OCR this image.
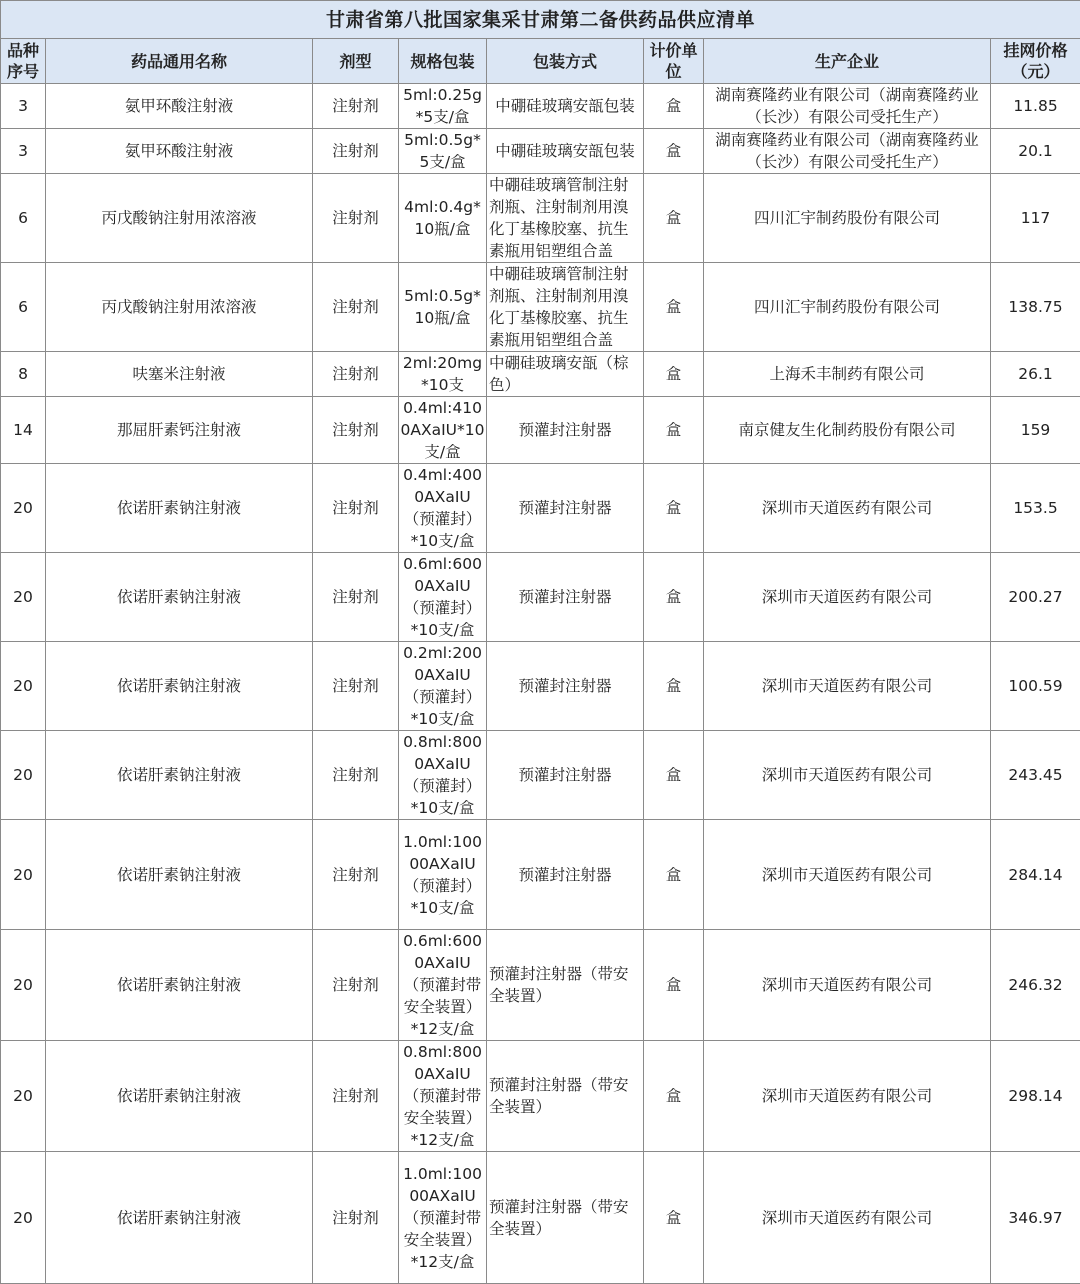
甘肃省第八批国家集采甘肃第二备供药品供应清单							
品种序号	药品通用名称	剂型	规格包装	包装方式	计价单位	生产企业	挂网价格（元）
3	氨甲环酸注射液	注射剂	5ml:0.25g*5支/盒	中硼硅玻璃安瓿包装	盒	湖南赛隆药业有限公司（湖南赛隆药业（长沙）有限公司受托生产）	11.85
3	氨甲环酸注射液	注射剂	5ml:0.5g*5支/盒	中硼硅玻璃安瓿包装	盒	湖南赛隆药业有限公司（湖南赛隆药业（长沙）有限公司受托生产）	20.1
6	丙戊酸钠注射用浓溶液	注射剂	4ml:0.4g*10瓶/盒	中硼硅玻璃管制注射剂瓶、注射制剂用溴化丁基橡胶塞、抗生素瓶用铝塑组合盖	盒	四川汇宇制药股份有限公司	117
6	丙戊酸钠注射用浓溶液	注射剂	5ml:0.5g*10瓶/盒	中硼硅玻璃管制注射剂瓶、注射制剂用溴化丁基橡胶塞、抗生素瓶用铝塑组合盖	盒	四川汇宇制药股份有限公司	138.75
8	呋塞米注射液	注射剂	2ml:20mg*10支	中硼硅玻璃安瓿（棕色）	盒	上海禾丰制药有限公司	26.1
14	那屈肝素钙注射液	注射剂	0.4ml:4100AXaIU*10支/盒	预灌封注射器	盒	南京健友生化制药股份有限公司	159
20	依诺肝素钠注射液	注射剂	0.4ml:4000AXaIU（预灌封）*10支/盒	预灌封注射器	盒	深圳市天道医药有限公司	153.5
20	依诺肝素钠注射液	注射剂	0.6ml:6000AXaIU（预灌封）*10支/盒	预灌封注射器	盒	深圳市天道医药有限公司	200.27
20	依诺肝素钠注射液	注射剂	0.2ml:2000AXaIU（预灌封）*10支/盒	预灌封注射器	盒	深圳市天道医药有限公司	100.59
20	依诺肝素钠注射液	注射剂	0.8ml:8000AXaIU（预灌封）*10支/盒	预灌封注射器	盒	深圳市天道医药有限公司	243.45
20	依诺肝素钠注射液	注射剂	1.0ml:10000AXaIU（预灌封）*10支/盒	预灌封注射器	盒	深圳市天道医药有限公司	284.14
20	依诺肝素钠注射液	注射剂	0.6ml:6000AXaIU（预灌封带安全装置）*12支/盒	预灌封注射器（带安全装置）	盒	深圳市天道医药有限公司	246.32
20	依诺肝素钠注射液	注射剂	0.8ml:8000AXaIU（预灌封带安全装置）*12支/盒	预灌封注射器（带安全装置）	盒	深圳市天道医药有限公司	298.14
20	依诺肝素钠注射液	注射剂	1.0ml:10000AXaIU（预灌封带安全装置）*12支/盒	预灌封注射器（带安全装置）	盒	深圳市天道医药有限公司	346.97
